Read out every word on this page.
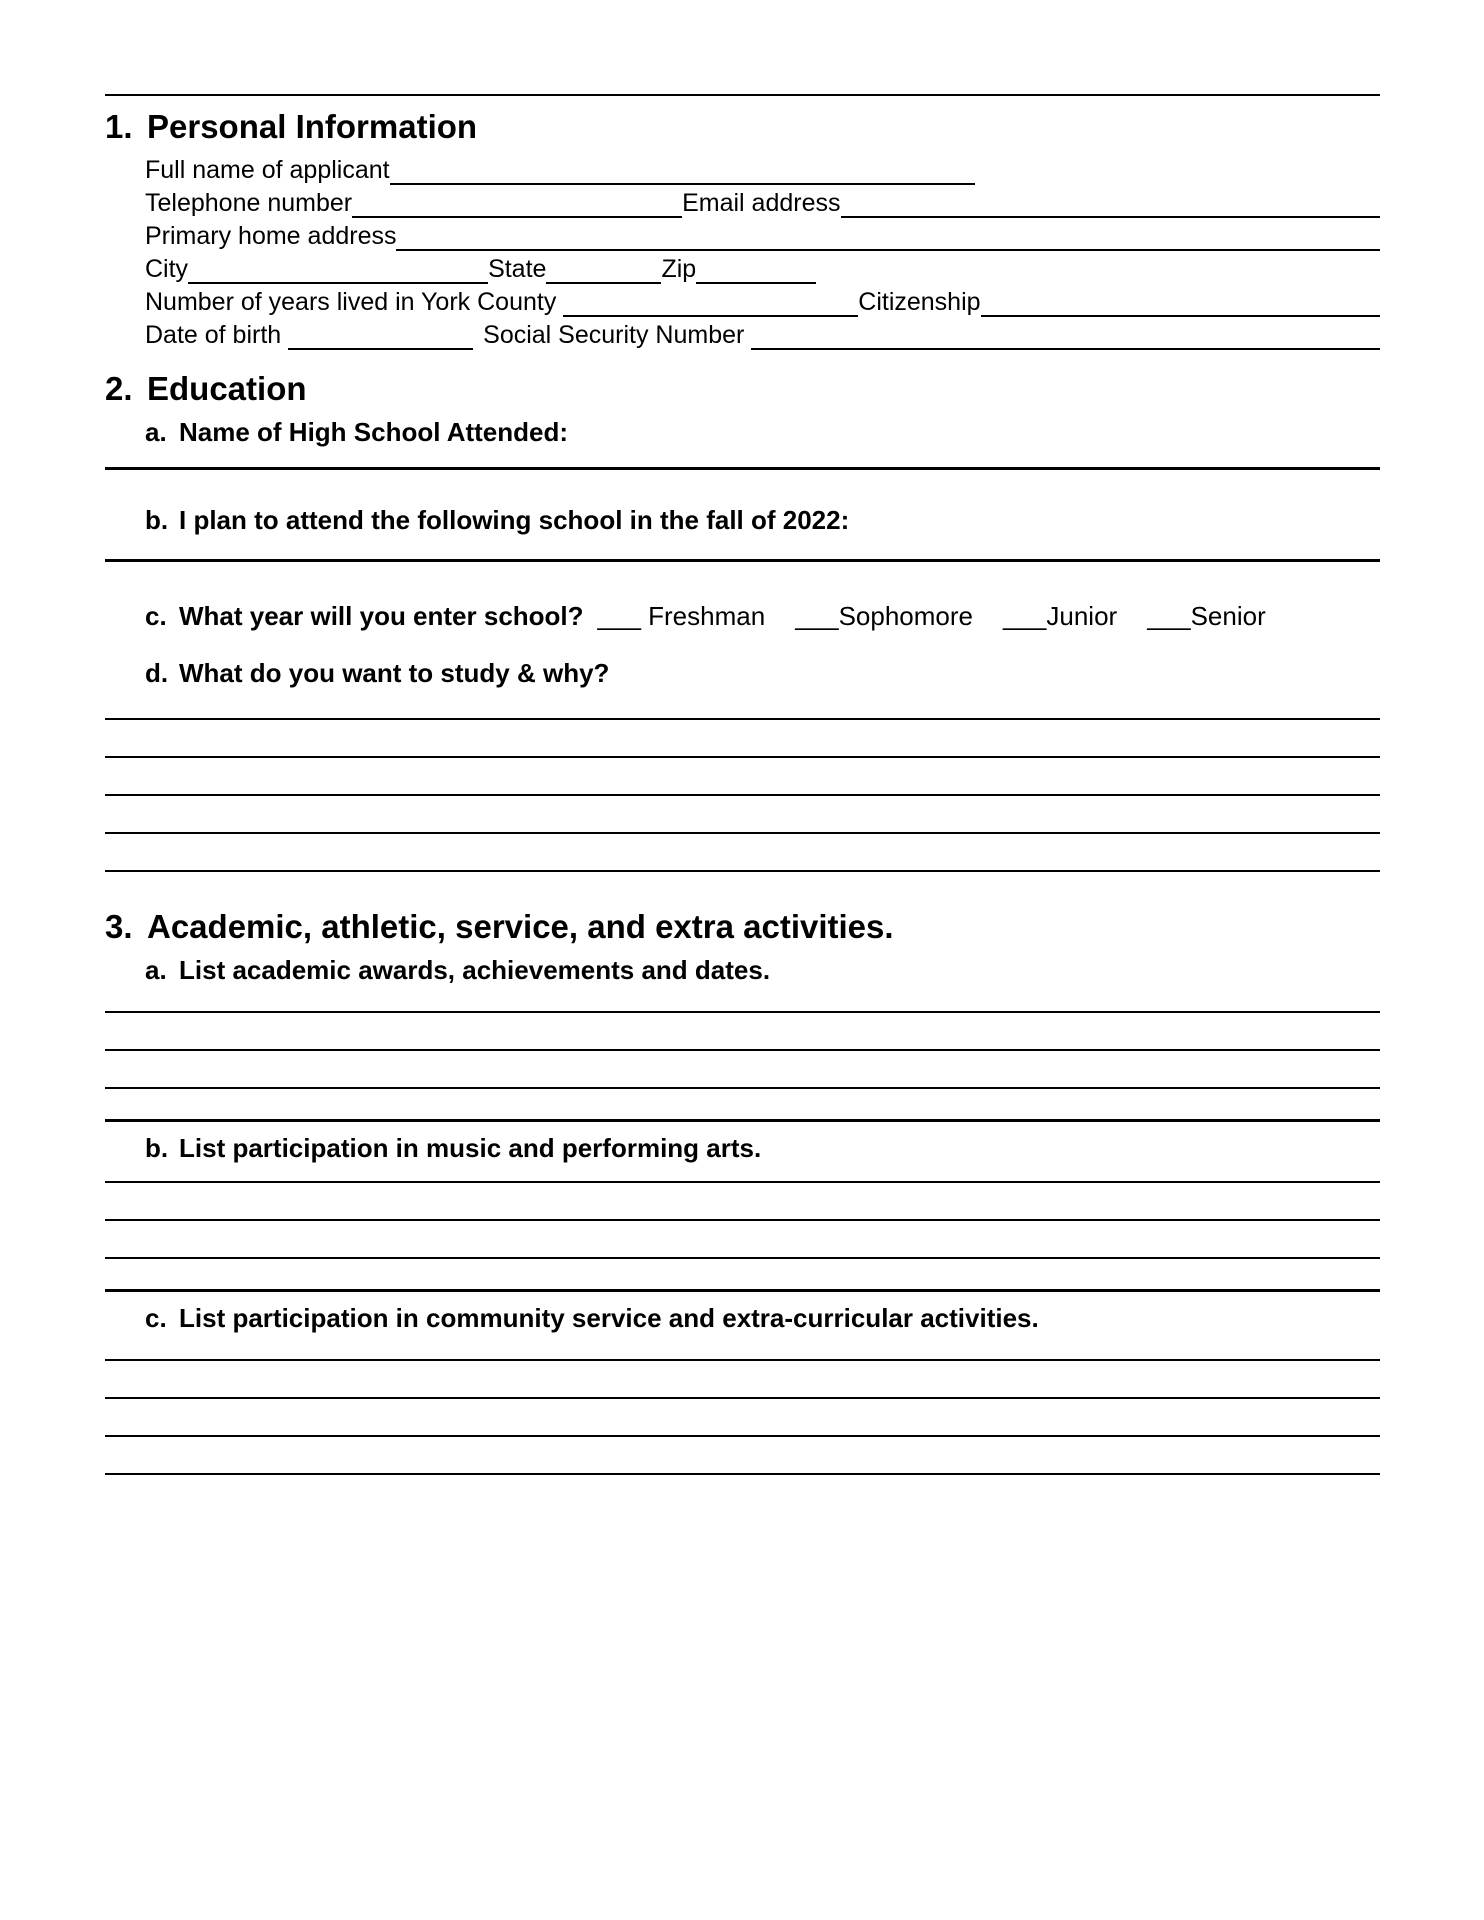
1. Personal Information
Full name of applicant
Telephone number	Email address
Primary home address
City	State	Zip
Number of years lived in York County	Citizenship
Date of birth	Social Security Number
2. Education
a. Name of High School Attended:
b. I plan to attend the following school in the fall of 2022:
c. What year will you enter school? ___ Freshman ___Sophomore ___Junior ___Senior
d. What do you want to study & why?
3. Academic, athletic, service, and extra activities.
a. List academic awards, achievements and dates.
b. List participation in music and performing arts.
c. List participation in community service and extra-curricular activities.
